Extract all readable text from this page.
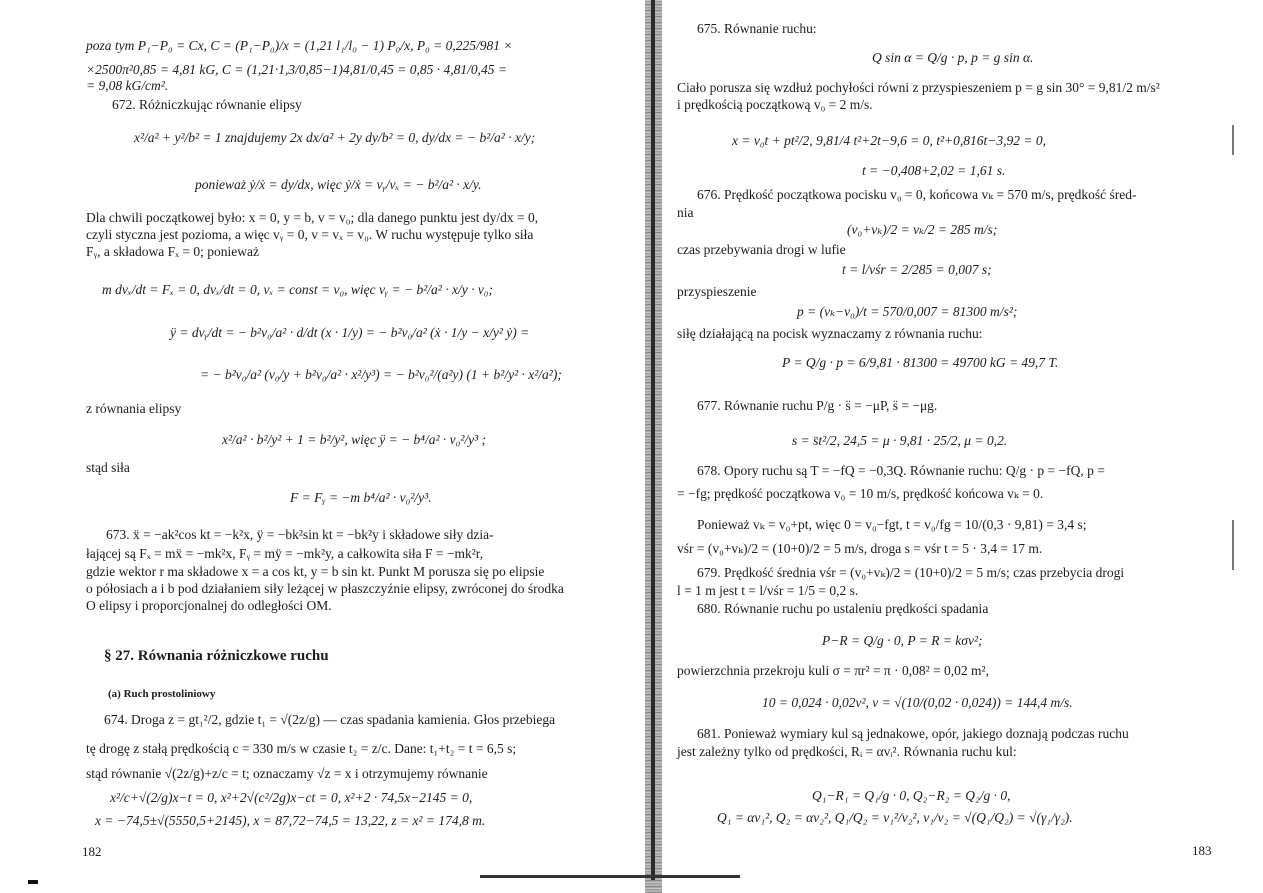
poza tym P₁−P₀ = Cx, C = (P₁−P₀)/x = (1,21 l₁/l₀ − 1) P₀/x, P₀ = 0,225/981 ×
×2500π²0,85 = 4,81 kG, C = (1,21·1,3/0,85−1)4,81/0,45 = 0,85 · 4,81/0,45 =
= 9,08 kG/cm².
672. Różniczkując równanie elipsy
x²/a² + y²/b² = 1 znajdujemy 2x dx/a² + 2y dy/b² = 0, dy/dx = − b²/a² · x/y;
ponieważ ẏ/ẋ = dy/dx, więc ẏ/ẋ = vᵧ/vₓ = − b²/a² · x/y.
Dla chwili początkowej było: x = 0, y = b, v = v₀; dla danego punktu jest dy/dx = 0,
czyli styczna jest pozioma, a więc vᵧ = 0, v = vₓ = v₀. W ruchu występuje tylko siła
Fᵧ, a składowa Fₓ = 0; ponieważ
m dvₓ/dt = Fₓ = 0, dvₓ/dt = 0, vₓ = const = v₀, więc vᵧ = − b²/a² · x/y · v₀;
ÿ = dvᵧ/dt = − b²v₀/a² · d/dt (x · 1/y) = − b²v₀/a² (ẋ · 1/y − x/y² ẏ) =
= − b²v₀/a² (v₀/y + b²v₀/a² · x²/y³) = − b²v₀²/(a²y) (1 + b²/y² · x²/a²);
z równania elipsy
x²/a² · b²/y² + 1 = b²/y², więc ÿ = − b⁴/a² · v₀²/y³ ;
stąd siła
F = Fᵧ = −m b⁴/a² · v₀²/y³.
673. ẍ = −ak²cos kt = −k²x, ÿ = −bk²sin kt = −bk²y i składowe siły dzia-
łającej są Fₓ = mẍ = −mk²x, Fᵧ = mÿ = −mk²y, a całkowita siła F = −mk²r,
gdzie wektor r ma składowe x = a cos kt, y = b sin kt. Punkt M porusza się po elipsie
o półosiach a i b pod działaniem siły leżącej w płaszczyźnie elipsy, zwróconej do środka
O elipsy i proporcjonalnej do odległości OM.
§ 27. Równania różniczkowe ruchu
(a) Ruch prostoliniowy
674. Droga z = gt₁²/2, gdzie t₁ = √(2z/g) — czas spadania kamienia. Głos przebiega
tę drogę z stałą prędkością c = 330 m/s w czasie t₂ = z/c. Dane: t₁+t₂ = t = 6,5 s;
stąd równanie √(2z/g)+z/c = t; oznaczamy √z = x i otrzymujemy równanie
x²/c+√(2/g)x−t = 0, x²+2√(c²/2g)x−ct = 0, x²+2 · 74,5x−2145 = 0,
x = −74,5±√(5550,5+2145), x = 87,72−74,5 = 13,22, z = x² = 174,8 m.
182
675. Równanie ruchu:
Q sin α = Q/g · p, p = g sin α.
Ciało porusza się wzdłuż pochyłości równi z przyspieszeniem p = g sin 30° = 9,81/2 m/s²
i prędkością początkową v₀ = 2 m/s.
x = v₀t + pt²/2, 9,81/4 t²+2t−9,6 = 0, t²+0,816t−3,92 = 0,
t = −0,408+2,02 = 1,61 s.
676. Prędkość początkowa pocisku v₀ = 0, końcowa vₖ = 570 m/s, prędkość śred-
nia
(v₀+vₖ)/2 = vₖ/2 = 285 m/s;
czas przebywania drogi w lufie
t = l/vśr = 2/285 = 0,007 s;
przyspieszenie
p = (vₖ−v₀)/t = 570/0,007 = 81300 m/s²;
siłę działającą na pocisk wyznaczamy z równania ruchu:
P = Q/g · p = 6/9,81 · 81300 = 49700 kG = 49,7 T.
677. Równanie ruchu P/g · s̈ = −μP, s̈ = −μg.
s = s̈t²/2, 24,5 = μ · 9,81 · 25/2, μ = 0,2.
678. Opory ruchu są T = −fQ = −0,3Q. Równanie ruchu: Q/g · p = −fQ, p =
= −fg; prędkość początkowa v₀ = 10 m/s, prędkość końcowa vₖ = 0.
Ponieważ vₖ = v₀+pt, więc 0 = v₀−fgt, t = v₀/fg = 10/(0,3 · 9,81) = 3,4 s;
vśr = (v₀+vₖ)/2 = (10+0)/2 = 5 m/s, droga s = vśr t = 5 · 3,4 = 17 m.
679. Prędkość średnia vśr = (v₀+vₖ)/2 = (10+0)/2 = 5 m/s; czas przebycia drogi
l = 1 m jest t = l/vśr = 1/5 = 0,2 s.
680. Równanie ruchu po ustaleniu prędkości spadania
P−R = Q/g · 0, P = R = kσv²;
powierzchnia przekroju kuli σ = πr² = π · 0,08² = 0,02 m²,
10 = 0,024 · 0,02v², v = √(10/(0,02 · 0,024)) = 144,4 m/s.
681. Ponieważ wymiary kul są jednakowe, opór, jakiego doznają podczas ruchu
jest zależny tylko od prędkości, Rᵢ = αvᵢ². Równania ruchu kul:
Q₁−R₁ = Q₁/g · 0, Q₂−R₂ = Q₂/g · 0,
Q₁ = αv₁², Q₂ = αv₂², Q₁/Q₂ = v₁²/v₂², v₁/v₂ = √(Q₁/Q₂) = √(γ₁/γ₂).
183
